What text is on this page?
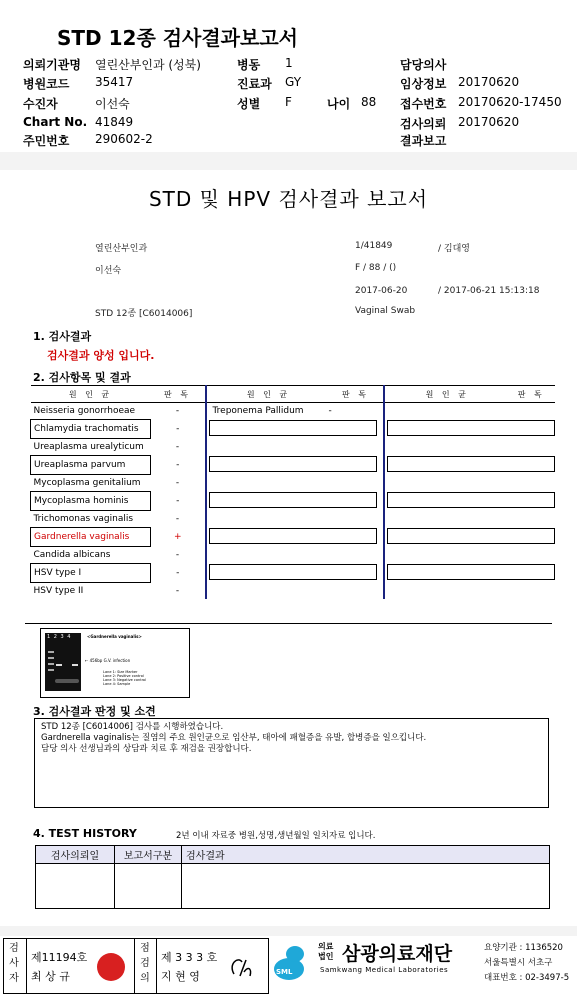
STD 12종 검사결과보고서
의뢰기관명 열린산부인과 (성북)	병동 1	담당의사
병원코드 35417	진료과 GY	임상정보 20170620
수진자	이선숙	성별 F	나이 88 접수번호 20170620-17450
Chart No. 41849	검사의뢰 20170620
주민번호 290602-2	결과보고
STD 및 HPV 검사결과 보고서
열린산부인과	1/41849	/ 김대영
이선숙	F / 88 / ()
2017-06-20	/ 2017-06-21 15:13:18
STD 12종 [C6014006]	Vaginal Swab
1. 검사결과
검사결과 양성 입니다.
2. 검사항목 및 결과
원 인 균	판 독		원 인 균	판 독		원 인 균	판 독
Neisseria gonorrhoeae	-		Treponema Pallidum	-			
Chlamydia trachomatis	-						
Ureaplasma urealyticum	-						
Ureaplasma parvum	-						
Mycoplasma genitalium	-						
Mycoplasma hominis	-						
Trichomonas vaginalis	-						
Gardnerella vaginalis	+						
Candida albicans	-						
HSV type I	-						
HSV type II	-						
1 2 3 4	<Gardnerella vaginalis>
← 456bp G.V. infection
Lane 1: Size Marker
Lane 2: Positive control
Lane 3: Negative control
Lane 4: Sample
3. 검사결과 판정 및 소견
STD 12종 [C6014006] 검사를 시행하였습니다.
Gardnerella vaginalis는 질염의 주요 원인균으로 임산부, 태아에 패혈증을 유발, 합병증을 일으킵니다.
담당 의사 선생님과의 상담과 치료 후 재검을 권장합니다.
4. TEST HISTORY	2년 이내 자료중 병원,성명,생년월일 일치자료 입니다.
검사의뢰일	보고서구분	검사결과

검사자
제11194호
최 상 규
점검의
제 3 3 3 호
지 현 영	SML
의료 법인 삼광의료재단
Samkwang Medical Laboratories
요양기관 : 1136520
서울특별시 서초구
대표번호 : 02-3497-5
